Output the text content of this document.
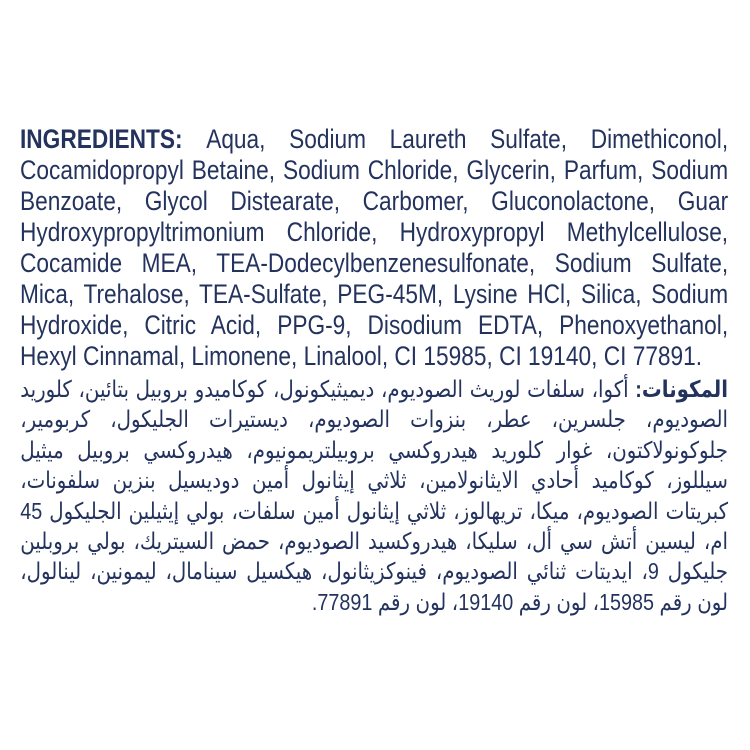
INGREDIENTS: Aqua, Sodium Laureth Sulfate, Dimethiconol, Cocamidopropyl Betaine, Sodium Chloride, Glycerin, Parfum, Sodium Benzoate, Glycol Distearate, Carbomer, Gluconolactone, Guar Hydroxypropyltrimonium Chloride, Hydroxypropyl Methylcellulose, Cocamide MEA, TEA-Dodecylbenzenesulfonate, Sodium Sulfate, Mica, Trehalose, TEA-Sulfate, PEG-45M, Lysine HCl, Silica, Sodium Hydroxide, Citric Acid, PPG-9, Disodium EDTA, Phenoxyethanol, Hexyl Cinnamal, Limonene, Linalool, CI 15985, CI 19140, CI 77891.
المكونات: أكوا، سلفات لوريث الصوديوم، ديميثيكونول، كوكاميدو بروبيل بتائين، كلوريد الصوديوم، جلسرين، عطر، بنزوات الصوديوم، ديستيرات الجليكول، كربومير، جلوكونولاكتون، غوار كلوريد هيدروكسي بروبيلتريمونيوم، هيدروكسي بروبيل ميثيل سيللوز، كوكاميد أحادي الايثانولامين، ثلاثي إيثانول أمين دوديسيل بنزين سلفونات، كبريتات الصوديوم، ميكا، تريهالوز، ثلاثي إيثانول أمين سلفات، بولي إيثيلين الجليكول 45 ام، ليسين أتش سي أل، سليكا، هيدروكسيد الصوديوم، حمض السيتريك، بولي بروبلين جليكول 9، ايديتات ثنائي الصوديوم، فينوكزيثانول، هيكسيل سينامال، ليمونين، لينالول، لون رقم 15985، لون رقم 19140، لون رقم 77891.
